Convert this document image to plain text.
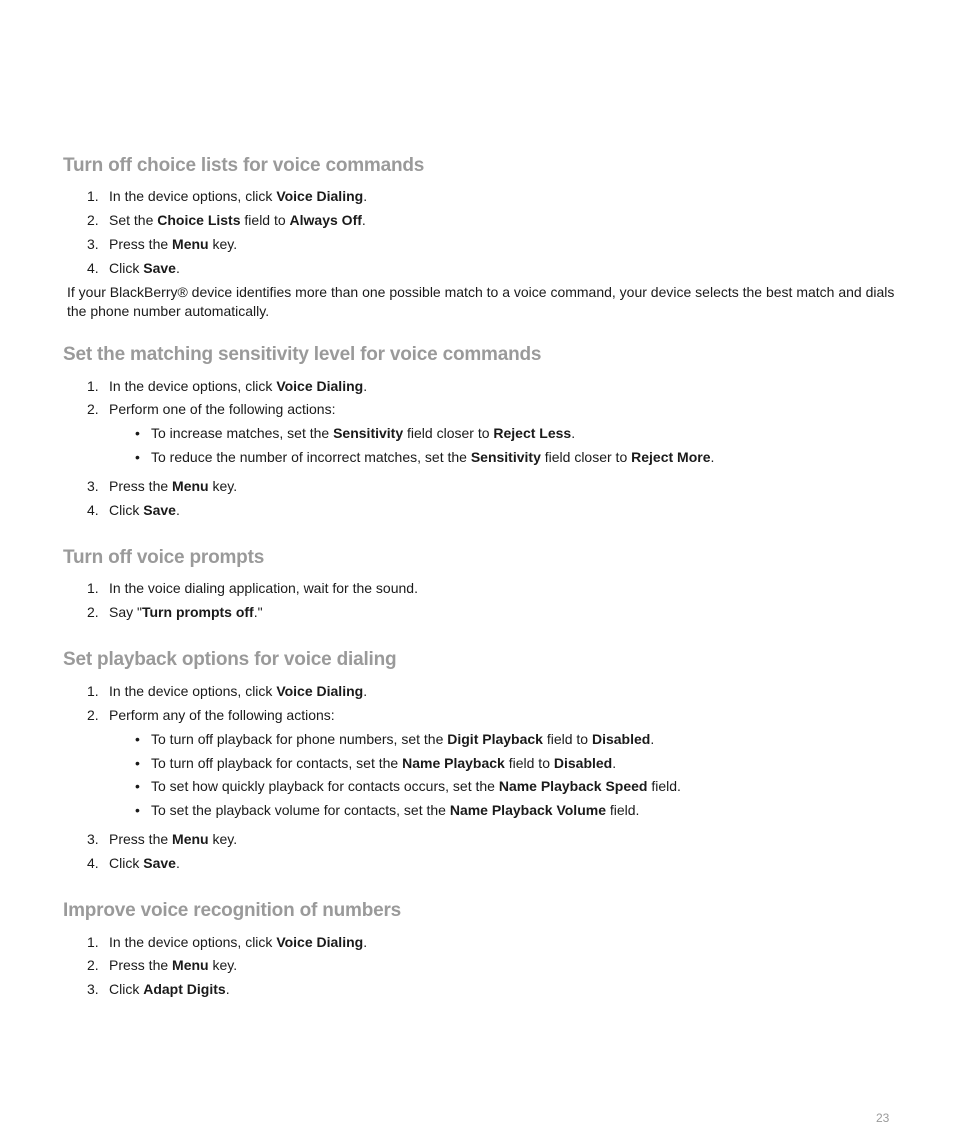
Turn off choice lists for voice commands
1. In the device options, click Voice Dialing.
2. Set the Choice Lists field to Always Off.
3. Press the Menu key.
4. Click Save.

If your BlackBerry® device identifies more than one possible match to a voice command, your device selects the best match and dials the phone number automatically.

Set the matching sensitivity level for voice commands
1. In the device options, click Voice Dialing.
2. Perform one of the following actions:
• To increase matches, set the Sensitivity field closer to Reject Less.
• To reduce the number of incorrect matches, set the Sensitivity field closer to Reject More.
3. Press the Menu key.
4. Click Save.
Turn off voice prompts
1. In the voice dialing application, wait for the sound.
2. Say "Turn prompts off."
Set playback options for voice dialing
1. In the device options, click Voice Dialing.
2. Perform any of the following actions:
• To turn off playback for phone numbers, set the Digit Playback field to Disabled.
• To turn off playback for contacts, set the Name Playback field to Disabled.
• To set how quickly playback for contacts occurs, set the Name Playback Speed field.
• To set the playback volume for contacts, set the Name Playback Volume field.
3. Press the Menu key.
4. Click Save.
Improve voice recognition of numbers
1. In the device options, click Voice Dialing.
2. Press the Menu key.
3. Click Adapt Digits.
23
